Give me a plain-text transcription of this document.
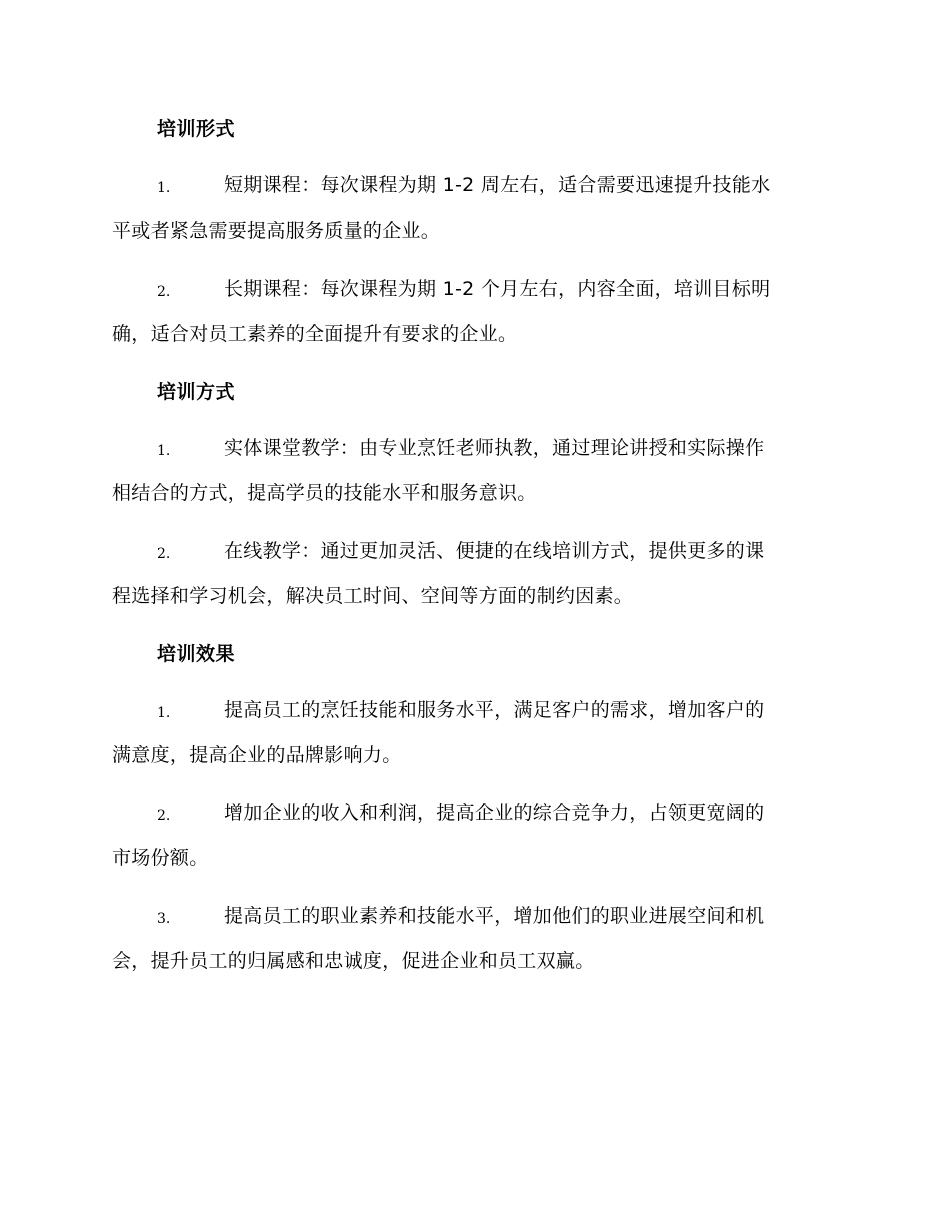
培训形式
1.	短期课程：每次课程为期 1-2 周左右，适合需要迅速提升技能水
平或者紧急需要提高服务质量的企业。
2.	长期课程：每次课程为期 1-2 个月左右，内容全面，培训目标明
确，适合对员工素养的全面提升有要求的企业。
培训方式
1.	实体课堂教学：由专业烹饪老师执教，通过理论讲授和实际操作
相结合的方式，提高学员的技能水平和服务意识。
2.	在线教学：通过更加灵活、便捷的在线培训方式，提供更多的课
程选择和学习机会，解决员工时间、空间等方面的制约因素。
培训效果
1.	提高员工的烹饪技能和服务水平，满足客户的需求，增加客户的
满意度，提高企业的品牌影响力。
2.	增加企业的收入和利润，提高企业的综合竞争力，占领更宽阔的
市场份额。
3.	提高员工的职业素养和技能水平，增加他们的职业进展空间和机
会，提升员工的归属感和忠诚度，促进企业和员工双赢。
